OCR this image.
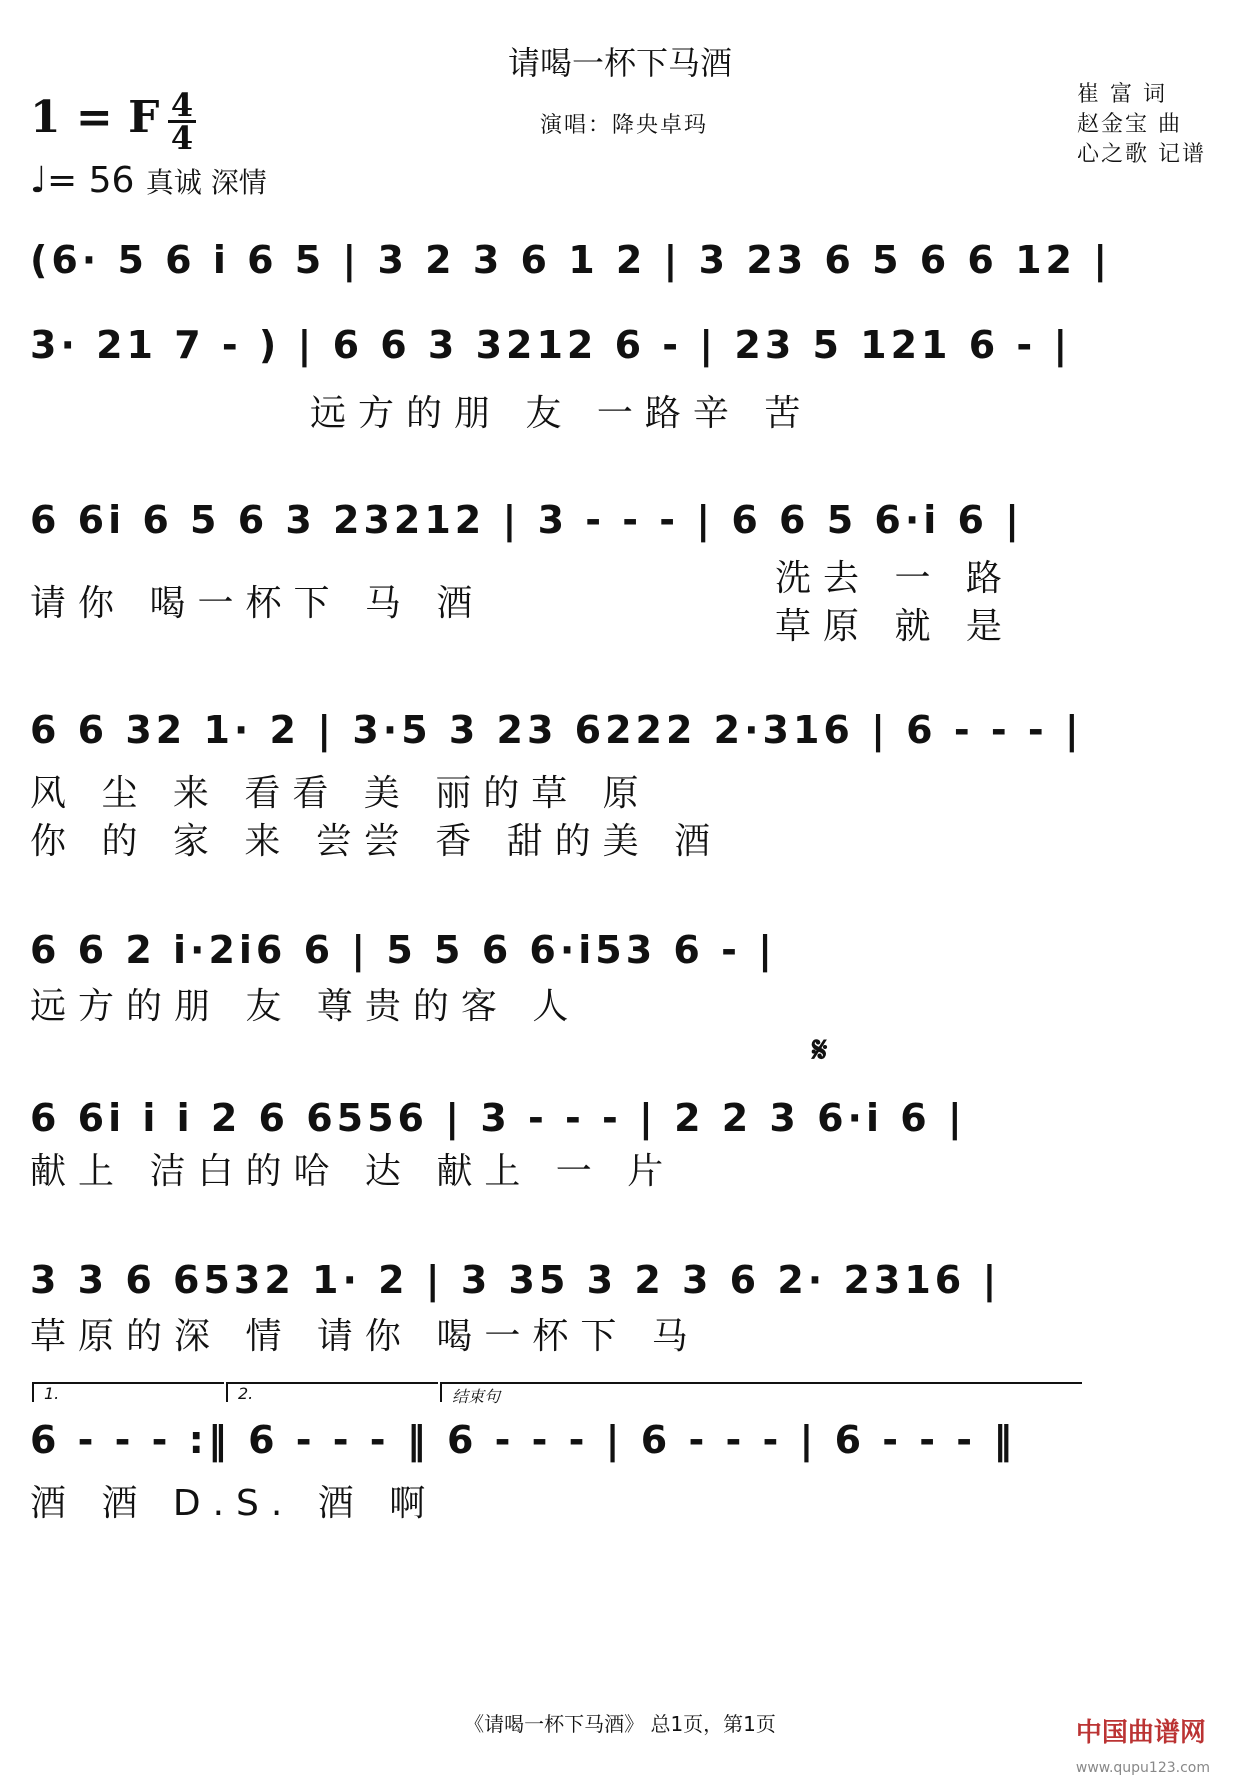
请喝一杯下马酒
1 = F 4
4
♩= 56 真诚 深情
演唱：降央卓玛
崔 富 词
赵金宝 曲
心之歌 记谱
(6· 5 6 i 6 5 | 3 2 3 6 1 2 | 3 23 6 5 6 6 12 |
3· 21 7 - ) | 6 6 3 3212 6 - | 23 5 121 6 - |
远方的朋 友 一路辛 苦
6 6i 6 5 6 3 23212 | 3 - - - | 6 6 5 6·i 6 |
请你 喝一杯下 马 酒
洗去 一 路
草原 就 是
6 6 32 1· 2 | 3·5 3 23 6222 2·316 | 6 - - - |
风 尘 来 看看 美 丽的草 原
你 的 家 来 尝尝 香 甜的美 酒
6 6 2 i·2i6 6 | 5 5 6 6·i53 6 - |
远方的朋 友 尊贵的客 人
𝄋
6 6i i i 2 6 6556 | 3 - - - | 2 2 3 6·i 6 |
献上 洁白的哈 达 献上 一 片
3 3 6 6532 1· 2 | 3 35 3 2 3 6 2· 2316 |
草原的深 情 请你 喝一杯下 马
1.	2.	结束句
6 - - - :‖ 6 - - - ‖ 6 - - - | 6 - - - | 6 - - - ‖
酒 酒 D.S. 酒 啊
《请喝一杯下马酒》 总1页，第1页	中国曲谱网
www.qupu123.com
